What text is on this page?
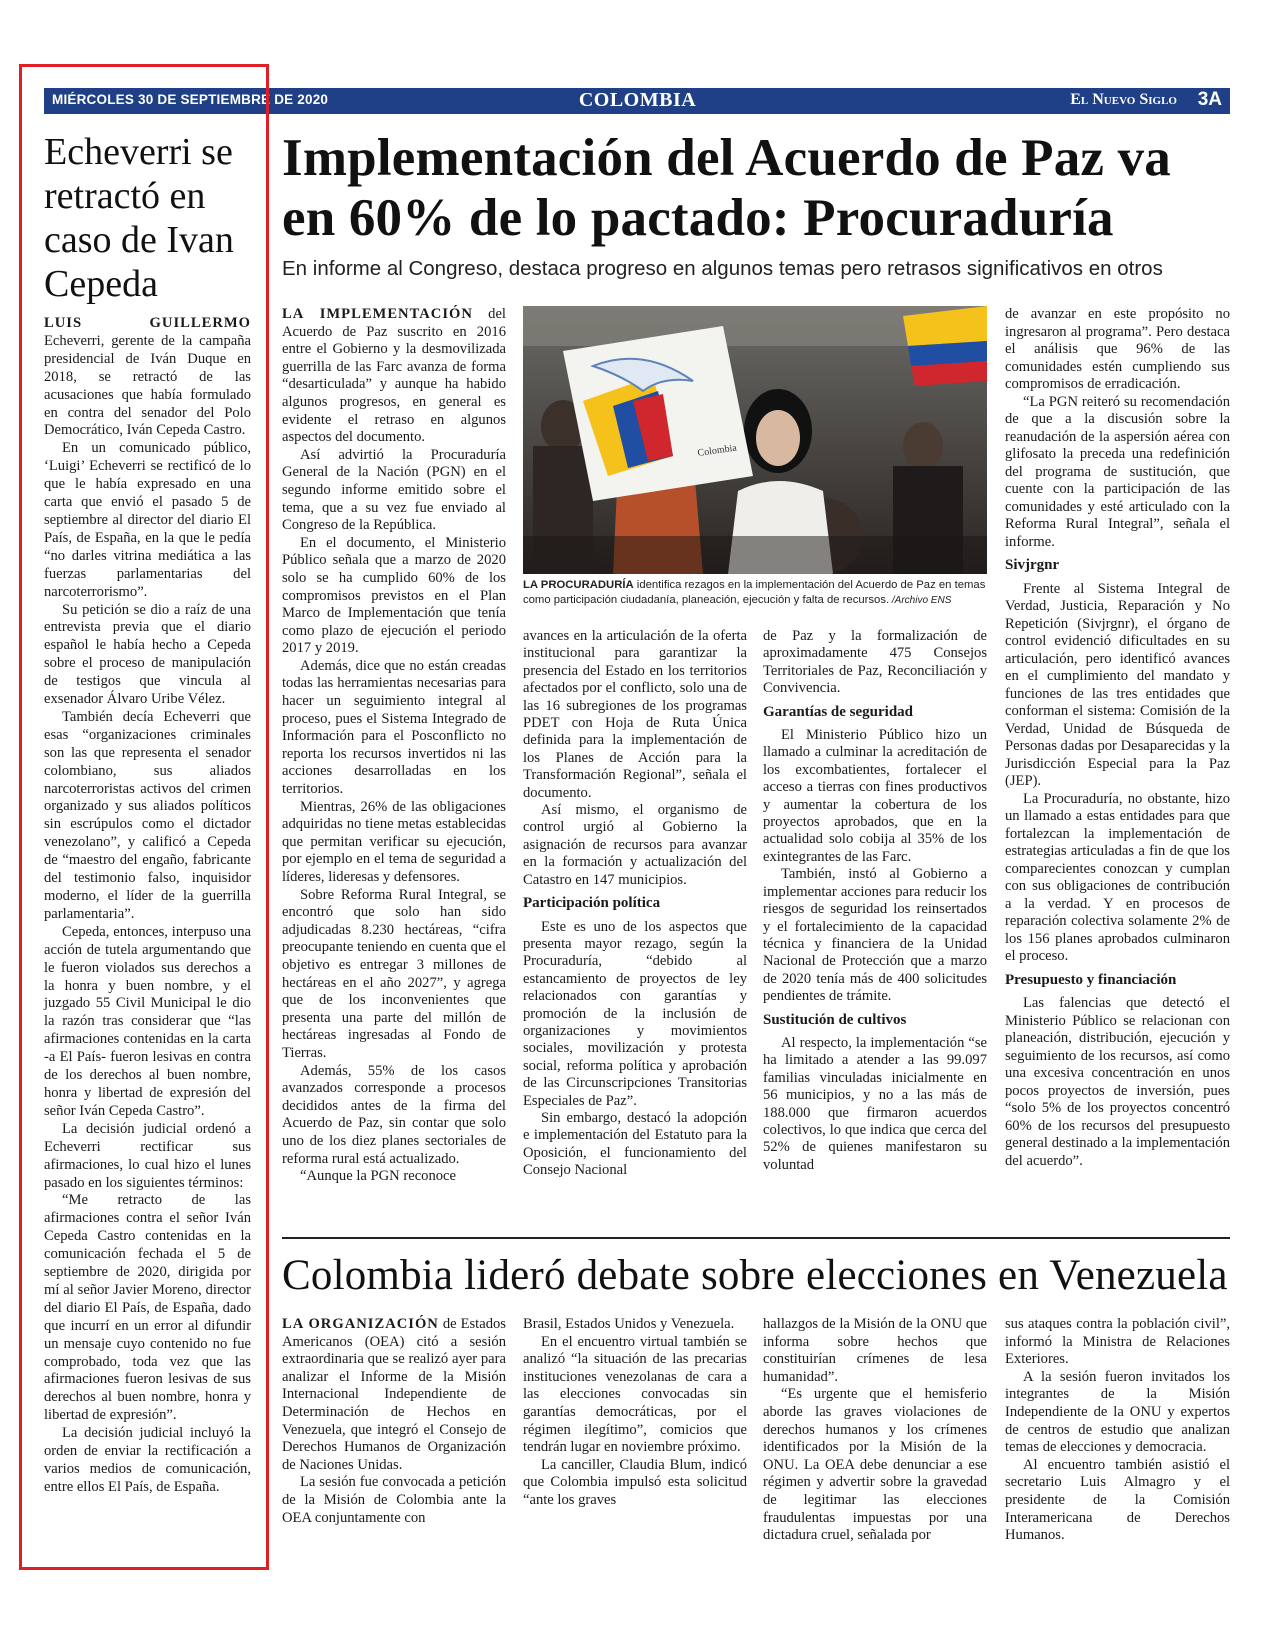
MIÉRCOLES 30 DE SEPTIEMBRE DE 2020	COLOMBIA	El Nuevo Siglo 3A
Echeverri se retractó en caso de Ivan Cepeda

LUIS GUILLERMO Echeverri, gerente de la campaña presidencial de Iván Duque en 2018, se retractó de las acusaciones que había formulado en contra del senador del Polo Democrático, Iván Cepeda Castro.

En un comunicado público, ‘Luigi’ Echeverri se rectificó de lo que le había expresado en una carta que envió el pasado 5 de septiembre al director del diario El País, de España, en la que le pedía “no darles vitrina mediática a las fuerzas parlamentarias del narcoterrorismo”.

Su petición se dio a raíz de una entrevista previa que el diario español le había hecho a Cepeda sobre el proceso de manipulación de testigos que vincula al exsenador Álvaro Uribe Vélez.

También decía Echeverri que esas “organizaciones criminales son las que representa el senador colombiano, sus aliados narcoterroristas activos del crimen organizado y sus aliados políticos sin escrúpulos como el dictador venezolano”, y calificó a Cepeda de “maestro del engaño, fabricante del testimonio falso, inquisidor moderno, el líder de la guerrilla parlamentaria”.

Cepeda, entonces, interpuso una acción de tutela argumentando que le fueron violados sus derechos a la honra y buen nombre, y el juzgado 55 Civil Municipal le dio la razón tras considerar que “las afirmaciones contenidas en la carta -a El País- fueron lesivas en contra de los derechos al buen nombre, honra y libertad de expresión del señor Iván Cepeda Castro”.

La decisión judicial ordenó a Echeverri rectificar sus afirmaciones, lo cual hizo el lunes pasado en los siguientes términos:

“Me retracto de las afirmaciones contra el señor Iván Cepeda Castro contenidas en la comunicación fechada el 5 de septiembre de 2020, dirigida por mí al señor Javier Moreno, director del diario El País, de España, dado que incurrí en un error al difundir un mensaje cuyo contenido no fue comprobado, toda vez que las afirmaciones fueron lesivas de sus derechos al buen nombre, honra y libertad de expresión”.

La decisión judicial incluyó la orden de enviar la rectificación a varios medios de comunicación, entre ellos El País, de España.

Implementación del Acuerdo de Paz va en 60% de lo pactado: Procuraduría
En informe al Congreso, destaca progreso en algunos temas pero retrasos significativos en otros

LA IMPLEMENTACIÓN del Acuerdo de Paz suscrito en 2016 entre el Gobierno y la desmovilizada guerrilla de las Farc avanza de forma “desarticulada” y aunque ha habido algunos progresos, en general es evidente el retraso en algunos aspectos del documento.

Así advirtió la Procuraduría General de la Nación (PGN) en el segundo informe emitido sobre el tema, que a su vez fue enviado al Congreso de la República.

En el documento, el Ministerio Público señala que a marzo de 2020 solo se ha cumplido 60% de los compromisos previstos en el Plan Marco de Implementación que tenía como plazo de ejecución el periodo 2017 y 2019.

Además, dice que no están creadas todas las herramientas necesarias para hacer un seguimiento integral al proceso, pues el Sistema Integrado de Información para el Posconflicto no reporta los recursos invertidos ni las acciones desarrolladas en los territorios.

Mientras, 26% de las obligaciones adquiridas no tiene metas establecidas que permitan verificar su ejecución, por ejemplo en el tema de seguridad a líderes, lideresas y defensores.

Sobre Reforma Rural Integral, se encontró que solo han sido adjudicadas 8.230 hectáreas, “cifra preocupante teniendo en cuenta que el objetivo es entregar 3 millones de hectáreas en el año 2027”, y agrega que de los inconvenientes que presenta una parte del millón de hectáreas ingresadas al Fondo de Tierras.

Además, 55% de los casos avanzados corresponde a procesos decididos antes de la firma del Acuerdo de Paz, sin contar que solo uno de los diez planes sectoriales de reforma rural está actualizado.

“Aunque la PGN reconoce

Colombia
LA PROCURADURÍA identifica rezagos en la implementación del Acuerdo de Paz en temas como participación ciudadanía, planeación, ejecución y falta de recursos. /Archivo ENS

avances en la articulación de la oferta institucional para garantizar la presencia del Estado en los territorios afectados por el conflicto, solo una de las 16 subregiones de los programas PDET con Hoja de Ruta Única definida para la implementación de los Planes de Acción para la Transformación Regional”, señala el documento.

Así mismo, el organismo de control urgió al Gobierno la asignación de recursos para avanzar en la formación y actualización del Catastro en 147 municipios.

Participación política

Este es uno de los aspectos que presenta mayor rezago, según la Procuraduría, “debido al estancamiento de proyectos de ley relacionados con garantías y promoción de la inclusión de organizaciones y movimientos sociales, movilización y protesta social, reforma política y aprobación de las Circunscripciones Transitorias Especiales de Paz”.

Sin embargo, destacó la adopción e implementación del Estatuto para la Oposición, el funcionamiento del Consejo Nacional

de Paz y la formalización de aproximadamente 475 Consejos Territoriales de Paz, Reconciliación y Convivencia.

Garantías de seguridad

El Ministerio Público hizo un llamado a culminar la acreditación de los excombatientes, fortalecer el acceso a tierras con fines productivos y aumentar la cobertura de los proyectos aprobados, que en la actualidad solo cobija al 35% de los exintegrantes de las Farc.

También, instó al Gobierno a implementar acciones para reducir los riesgos de seguridad los reinsertados y el fortalecimiento de la capacidad técnica y financiera de la Unidad Nacional de Protección que a marzo de 2020 tenía más de 400 solicitudes pendientes de trámite.

Sustitución de cultivos

Al respecto, la implementación “se ha limitado a atender a las 99.097 familias vinculadas inicialmente en 56 municipios, y no a las más de 188.000 que firmaron acuerdos colectivos, lo que indica que cerca del 52% de quienes manifestaron su voluntad

de avanzar en este propósito no ingresaron al programa”. Pero destaca el análisis que 96% de las comunidades estén cumpliendo sus compromisos de erradicación.

“La PGN reiteró su recomendación de que a la discusión sobre la reanudación de la aspersión aérea con glifosato la preceda una redefinición del programa de sustitución, que cuente con la participación de las comunidades y esté articulado con la Reforma Rural Integral”, señala el informe.

Sivjrgnr

Frente al Sistema Integral de Verdad, Justicia, Reparación y No Repetición (Sivjrgnr), el órgano de control evidenció dificultades en su articulación, pero identificó avances en el cumplimiento del mandato y funciones de las tres entidades que conforman el sistema: Comisión de la Verdad, Unidad de Búsqueda de Personas dadas por Desaparecidas y la Jurisdicción Especial para la Paz (JEP).

La Procuraduría, no obstante, hizo un llamado a estas entidades para que fortalezcan la implementación de estrategias articuladas a fin de que los comparecientes conozcan y cumplan con sus obligaciones de contribución a la verdad. Y en procesos de reparación colectiva solamente 2% de los 156 planes aprobados culminaron el proceso.

Presupuesto y financiación

Las falencias que detectó el Ministerio Público se relacionan con planeación, distribución, ejecución y seguimiento de los recursos, así como una excesiva concentración en unos pocos proyectos de inversión, pues “solo 5% de los proyectos concentró 60% de los recursos del presupuesto general destinado a la implementación del acuerdo”.

Colombia lideró debate sobre elecciones en Venezuela

LA ORGANIZACIÓN de Estados Americanos (OEA) citó a sesión extraordinaria que se realizó ayer para analizar el Informe de la Misión Internacional Independiente de Determinación de Hechos en Venezuela, que integró el Consejo de Derechos Humanos de Organización de Naciones Unidas.

La sesión fue convocada a petición de la Misión de Colombia ante la OEA conjuntamente con

Brasil, Estados Unidos y Venezuela.

En el encuentro virtual también se analizó “la situación de las precarias instituciones venezolanas de cara a las elecciones convocadas sin garantías democráticas, por el régimen ilegítimo”, comicios que tendrán lugar en noviembre próximo.

La canciller, Claudia Blum, indicó que Colombia impulsó esta solicitud “ante los graves

hallazgos de la Misión de la ONU que informa sobre hechos que constituirían crímenes de lesa humanidad”.

“Es urgente que el hemisferio aborde las graves violaciones de derechos humanos y los crímenes identificados por la Misión de la ONU. La OEA debe denunciar a ese régimen y advertir sobre la gravedad de legitimar las elecciones fraudulentas impuestas por una dictadura cruel, señalada por

sus ataques contra la población civil”, informó la Ministra de Relaciones Exteriores.

A la sesión fueron invitados los integrantes de la Misión Independiente de la ONU y expertos de centros de estudio que analizan temas de elecciones y democracia.

Al encuentro también asistió el secretario Luis Almagro y el presidente de la Comisión Interamericana de Derechos Humanos.
